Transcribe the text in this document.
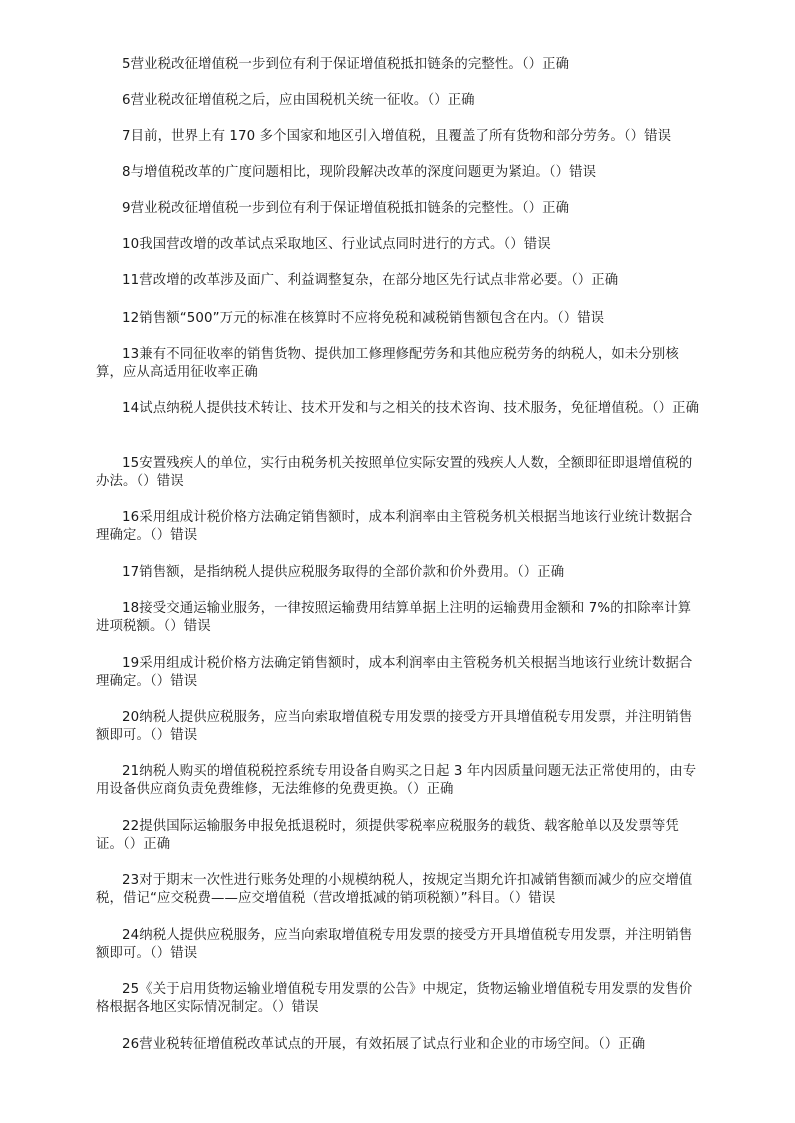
5营业税改征增值税一步到位有利于保证增值税抵扣链条的完整性。（）正确
6营业税改征增值税之后，应由国税机关统一征收。（）正确
7目前，世界上有 170 多个国家和地区引入增值税，且覆盖了所有货物和部分劳务。（）错误
8与增值税改革的广度问题相比，现阶段解决改革的深度问题更为紧迫。（）错误
9营业税改征增值税一步到位有利于保证增值税抵扣链条的完整性。（）正确
10我国营改增的改革试点采取地区、行业试点同时进行的方式。（）错误
11营改增的改革涉及面广、利益调整复杂，在部分地区先行试点非常必要。（）正确
12销售额“500”万元的标准在核算时不应将免税和减税销售额包含在内。（）错误
13兼有不同征收率的销售货物、提供加工修理修配劳务和其他应税劳务的纳税人，如未分别核算，应从高适用征收率正确
14试点纳税人提供技术转让、技术开发和与之相关的技术咨询、技术服务，免征增值税。（）正确
15安置残疾人的单位，实行由税务机关按照单位实际安置的残疾人人数，全额即征即退增值税的办法。（）错误
16采用组成计税价格方法确定销售额时，成本利润率由主管税务机关根据当地该行业统计数据合理确定。（）错误
17销售额，是指纳税人提供应税服务取得的全部价款和价外费用。（）正确
18接受交通运输业服务，一律按照运输费用结算单据上注明的运输费用金额和 7%的扣除率计算进项税额。（）错误
19采用组成计税价格方法确定销售额时，成本利润率由主管税务机关根据当地该行业统计数据合理确定。（）错误
20纳税人提供应税服务，应当向索取增值税专用发票的接受方开具增值税专用发票，并注明销售额即可。（）错误
21纳税人购买的增值税税控系统专用设备自购买之日起 3 年内因质量问题无法正常使用的，由专用设备供应商负责免费维修，无法维修的免费更换。（）正确
22提供国际运输服务申报免抵退税时，须提供零税率应税服务的载货、载客舱单以及发票等凭证。（）正确
23对于期末一次性进行账务处理的小规模纳税人，按规定当期允许扣减销售额而减少的应交增值税，借记“应交税费——应交增值税（营改增抵减的销项税额）”科目。（）错误
24纳税人提供应税服务，应当向索取增值税专用发票的接受方开具增值税专用发票，并注明销售额即可。（）错误
25《关于启用货物运输业增值税专用发票的公告》中规定，货物运输业增值税专用发票的发售价格根据各地区实际情况制定。（）错误
26营业税转征增值税改革试点的开展，有效拓展了试点行业和企业的市场空间。（）正确
